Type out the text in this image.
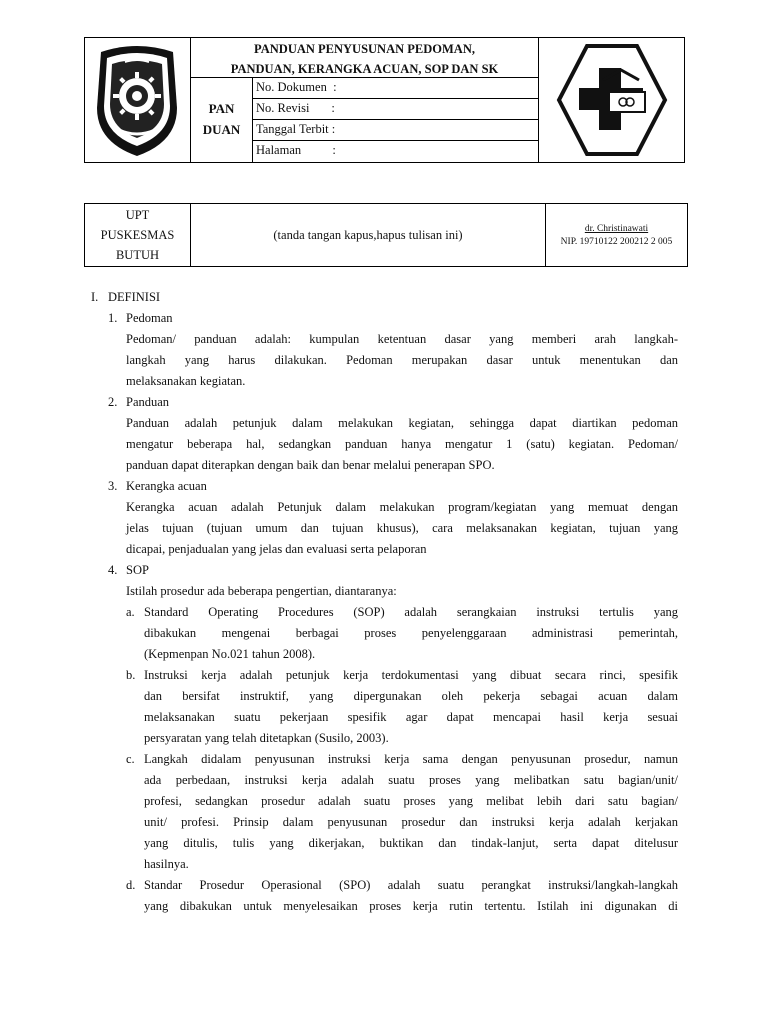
PANDUAN PENYUSUNAN PEDOMAN,
PANDUAN, KERANGKA ACUAN, SOP DAN SK
PAN
DUAN
No. Dokumen  :
No. Revisi       :
Tanggal Terbit :
Halaman          :
UPT
PUSKESMAS
BUTUH
(tanda tangan kapus,hapus tulisan ini)	dr. Christinawati
NIP. 19710122 200212 2 005
I. DEFINISI
1. Pedoman
Pedoman/ panduan adalah: kumpulan ketentuan dasar yang memberi arah langkah-
langkah yang harus dilakukan. Pedoman merupakan dasar untuk menentukan dan
melaksanakan kegiatan.
2. Panduan
Panduan adalah petunjuk dalam melakukan kegiatan, sehingga dapat diartikan pedoman
mengatur beberapa hal, sedangkan panduan hanya mengatur 1 (satu) kegiatan. Pedoman/
panduan dapat diterapkan dengan baik dan benar melalui penerapan SPO.
3. Kerangka acuan
Kerangka acuan adalah Petunjuk dalam melakukan program/kegiatan yang memuat dengan
jelas tujuan (tujuan umum dan tujuan khusus), cara melaksanakan kegiatan, tujuan yang
dicapai, penjadualan yang jelas dan evaluasi serta pelaporan
4. SOP
Istilah prosedur ada beberapa pengertian, diantaranya:
a. Standard Operating Procedures (SOP) adalah serangkaian instruksi tertulis yang
dibakukan mengenai berbagai proses penyelenggaraan administrasi pemerintah,
(Kepmenpan No.021 tahun 2008).
b. Instruksi kerja adalah petunjuk kerja terdokumentasi yang dibuat secara rinci, spesifik
dan bersifat instruktif, yang dipergunakan oleh pekerja sebagai acuan dalam
melaksanakan suatu pekerjaan spesifik agar dapat mencapai hasil kerja sesuai
persyaratan yang telah ditetapkan (Susilo, 2003).
c. Langkah didalam penyusunan instruksi kerja sama dengan penyusunan prosedur, namun
ada perbedaan, instruksi kerja adalah suatu proses yang melibatkan satu bagian/unit/
profesi, sedangkan prosedur adalah suatu proses yang melibat lebih dari satu bagian/
unit/ profesi. Prinsip dalam penyusunan prosedur dan instruksi kerja adalah kerjakan
yang ditulis, tulis yang dikerjakan, buktikan dan tindak-lanjut, serta dapat ditelusur
hasilnya.
d. Standar Prosedur Operasional (SPO) adalah suatu perangkat instruksi/langkah-langkah
yang dibakukan untuk menyelesaikan proses kerja rutin tertentu. Istilah ini digunakan di
